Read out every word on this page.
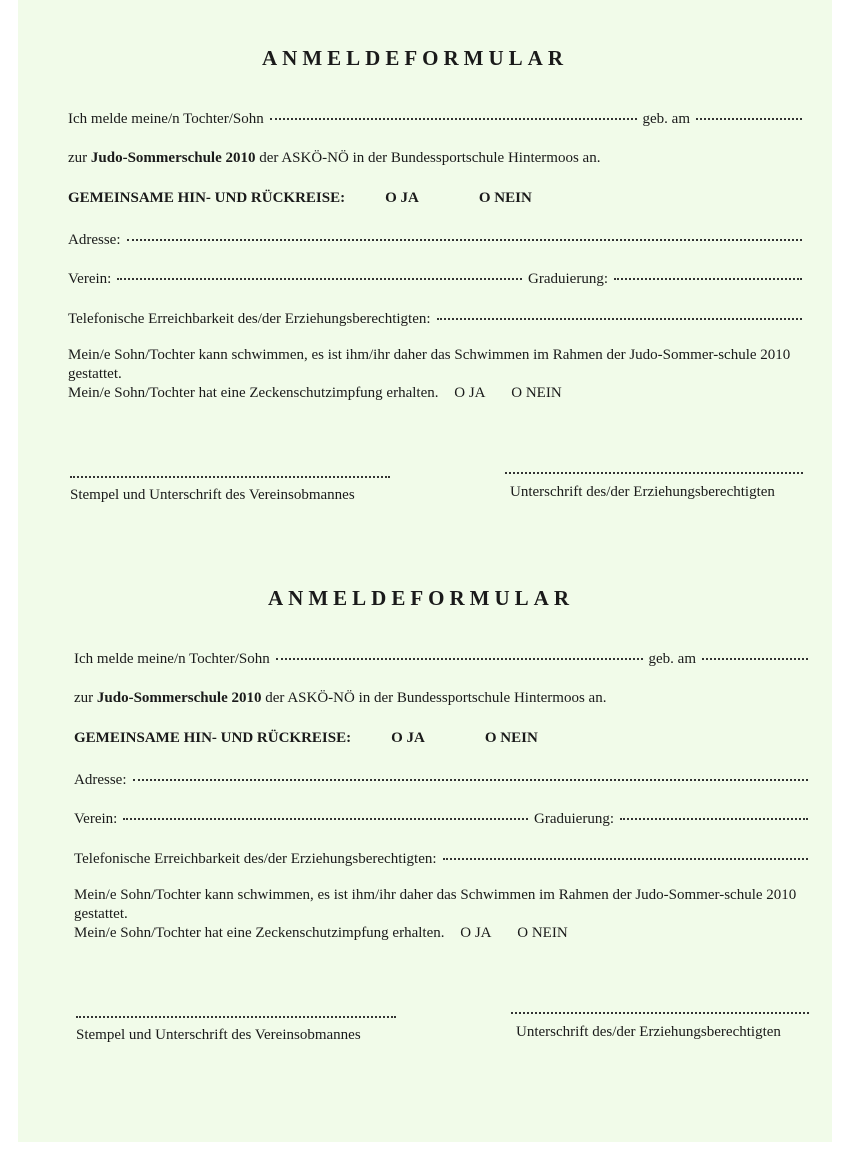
ANMELDEFORMULAR
Ich melde meine/n Tochter/Sohn	geb. am
zur
Judo-Sommerschule 2010
der ASKÖ-NÖ in der Bundessportschule Hintermoos an.
GEMEINSAME HIN- UND RÜCKREISE:	O JA	O NEIN
Adresse:
Verein:	Graduierung:
Telefonische Erreichbarkeit des/der Erziehungsberechtigten:
Mein/e Sohn/Tochter kann schwimmen, es ist ihm/ihr daher das Schwimmen im Rahmen der Judo-Sommer-schule 2010 gestattet.
Mein/e Sohn/Tochter hat eine Zeckenschutzimpfung erhalten. O JA O NEIN
Stempel und Unterschrift des Vereinsobmannes	Unterschrift des/der Erziehungsberechtigten
ANMELDEFORMULAR
Ich melde meine/n Tochter/Sohn	geb. am
zur
Judo-Sommerschule 2010
der ASKÖ-NÖ in der Bundessportschule Hintermoos an.
GEMEINSAME HIN- UND RÜCKREISE:	O JA	O NEIN
Adresse:
Verein:	Graduierung:
Telefonische Erreichbarkeit des/der Erziehungsberechtigten:
Mein/e Sohn/Tochter kann schwimmen, es ist ihm/ihr daher das Schwimmen im Rahmen der Judo-Sommer-schule 2010 gestattet.
Mein/e Sohn/Tochter hat eine Zeckenschutzimpfung erhalten. O JA O NEIN
Stempel und Unterschrift des Vereinsobmannes	Unterschrift des/der Erziehungsberechtigten
